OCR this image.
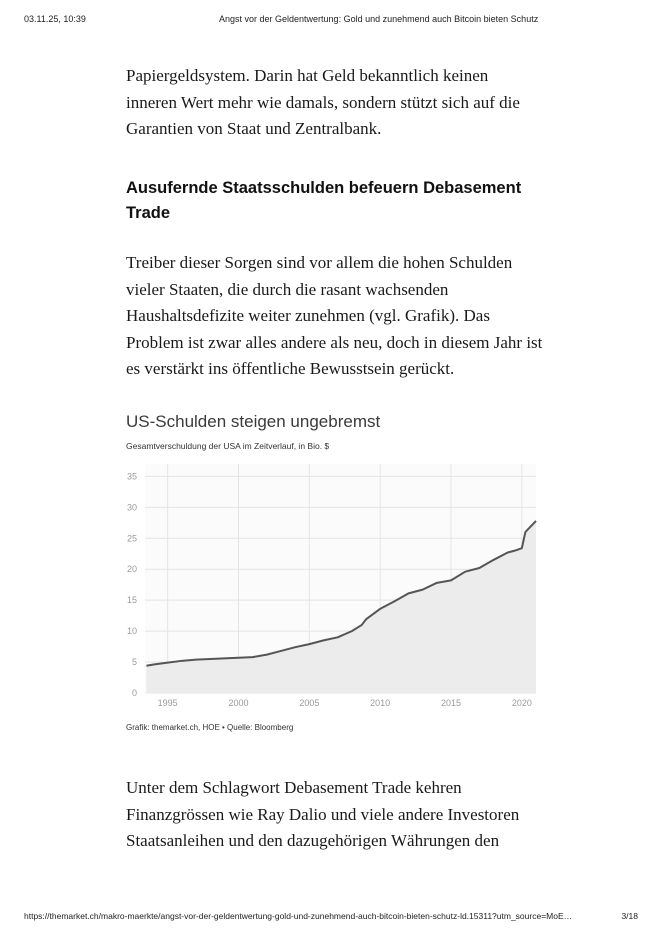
03.11.25, 10:39	Angst vor der Geldentwertung: Gold und zunehmend auch Bitcoin bieten Schutz

Papiergeldsystem. Darin hat Geld bekanntlich keinen
inneren Wert mehr wie damals, sondern stützt sich auf die
Garantien von Staat und Zentralbank.

Ausufernde Staatsschulden befeuern Debasement
Trade

Treiber dieser Sorgen sind vor allem die hohen Schulden
vieler Staaten, die durch die rasant wachsenden
Haushaltsdefizite weiter zunehmen (vgl. Grafik). Das
Problem ist zwar alles andere als neu, doch in diesem Jahr ist
es verstärkt ins öffentliche Bewusstsein gerückt.

US-Schulden steigen ungebremst
Gesamtverschuldung der USA im Zeitverlauf, in Bio. $
0
5
10
15
20
25
30
35
1995	2000	2005	2010	2015	2020
Grafik: themarket.ch, HOE • Quelle: Bloomberg

Unter dem Schlagwort Debasement Trade kehren
Finanzgrössen wie Ray Dalio und viele andere Investoren
Staatsanleihen und den dazugehörigen Währungen den

https://themarket.ch/makro-maerkte/angst-vor-der-geldentwertung-gold-und-zunehmend-auch-bitcoin-bieten-schutz-ld.15311?utm_source=MoE…	3/18
